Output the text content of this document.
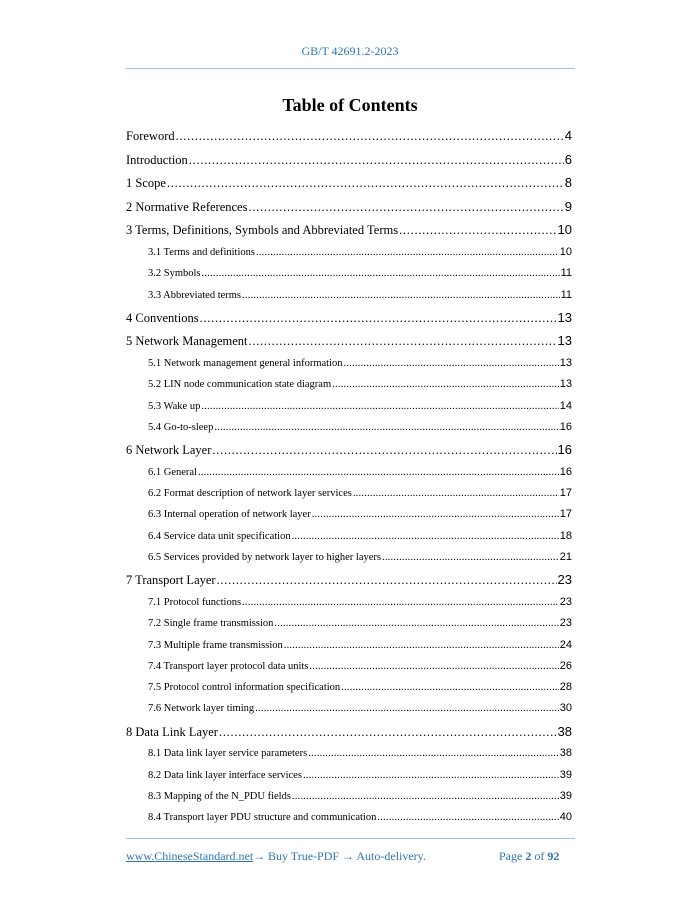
GB/T 42691.2-2023
Table of Contents
Foreword . . .	4
Introduction . . .	6
1 Scope . . .	8
2 Normative References . . .	9
3 Terms, Definitions, Symbols and Abbreviated Terms . . .	10
3.1 Terms and definitions . . .	10
3.2 Symbols . . .	11
3.3 Abbreviated terms . . .	11
4 Conventions . . .	13
5 Network Management . . .	13
5.1 Network management general information . . .	13
5.2 LIN node communication state diagram . . .	13
5.3 Wake up . . .	14
5.4 Go-to-sleep . . .	16
6 Network Layer . . .	16
6.1 General . . .	16
6.2 Format description of network layer services . . .	17
6.3 Internal operation of network layer . . .	17
6.4 Service data unit specification . . .	18
6.5 Services provided by network layer to higher layers . . .	21
7 Transport Layer . . .	23
7.1 Protocol functions . . .	23
7.2 Single frame transmission . . .	23
7.3 Multiple frame transmission . . .	24
7.4 Transport layer protocol data units . . .	26
7.5 Protocol control information specification . . .	28
7.6 Network layer timing . . .	30
8 Data Link Layer . . .	38
8.1 Data link layer service parameters . . .	38
8.2 Data link layer interface services . . .	39
8.3 Mapping of the N_PDU fields . . .	39
8.4 Transport layer PDU structure and communication . . .	40
www.ChineseStandard.net → Buy True-PDF → Auto-delivery.	Page 2 of 92
